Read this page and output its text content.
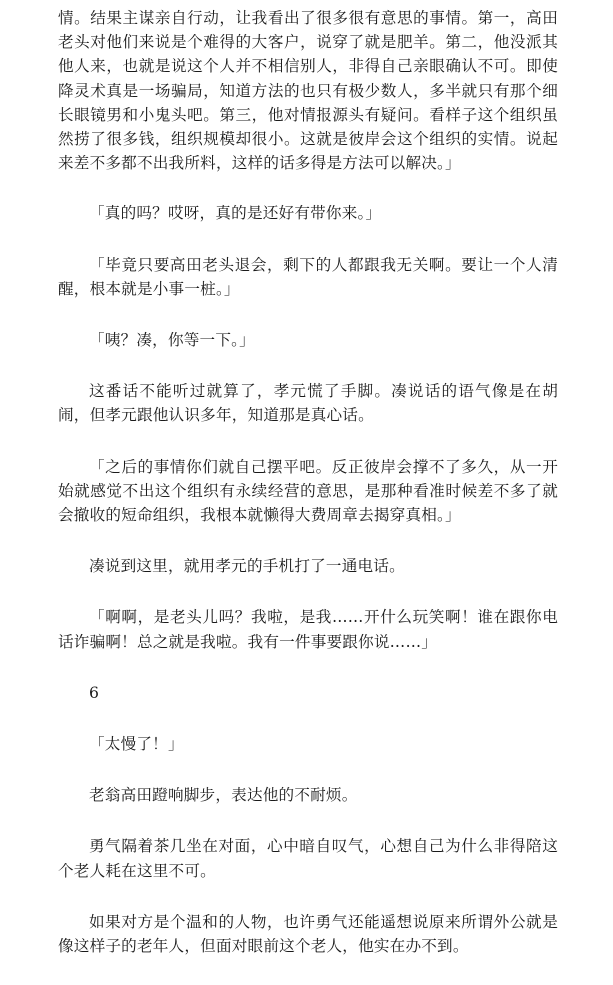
情。结果主谋亲自行动，让我看出了很多很有意思的事情。第一，高田老头对他们来说是个难得的大客户，说穿了就是肥羊。第二，他没派其他人来，也就是说这个人并不相信别人，非得自己亲眼确认不可。即使降灵术真是一场骗局，知道方法的也只有极少数人，多半就只有那个细长眼镜男和小鬼头吧。第三，他对情报源头有疑问。看样子这个组织虽然捞了很多钱，组织规模却很小。这就是彼岸会这个组织的实情。说起来差不多都不出我所料，这样的话多得是方法可以解决。」

「真的吗？哎呀，真的是还好有带你来。」

「毕竟只要高田老头退会，剩下的人都跟我无关啊。要让一个人清醒，根本就是小事一桩。」

「咦？凑，你等一下。」

这番话不能听过就算了，孝元慌了手脚。凑说话的语气像是在胡闹，但孝元跟他认识多年，知道那是真心话。

「之后的事情你们就自己摆平吧。反正彼岸会撑不了多久，从一开始就感觉不出这个组织有永续经营的意思，是那种看准时候差不多了就会撤收的短命组织，我根本就懒得大费周章去揭穿真相。」

凑说到这里，就用孝元的手机打了一通电话。

「啊啊，是老头儿吗？我啦，是我……开什么玩笑啊！谁在跟你电话诈骗啊！总之就是我啦。我有一件事要跟你说……」

6

「太慢了！」

老翁高田蹬响脚步，表达他的不耐烦。

勇气隔着茶几坐在对面，心中暗自叹气，心想自己为什么非得陪这个老人耗在这里不可。

如果对方是个温和的人物，也许勇气还能遥想说原来所谓外公就是像这样子的老年人，但面对眼前这个老人，他实在办不到。
